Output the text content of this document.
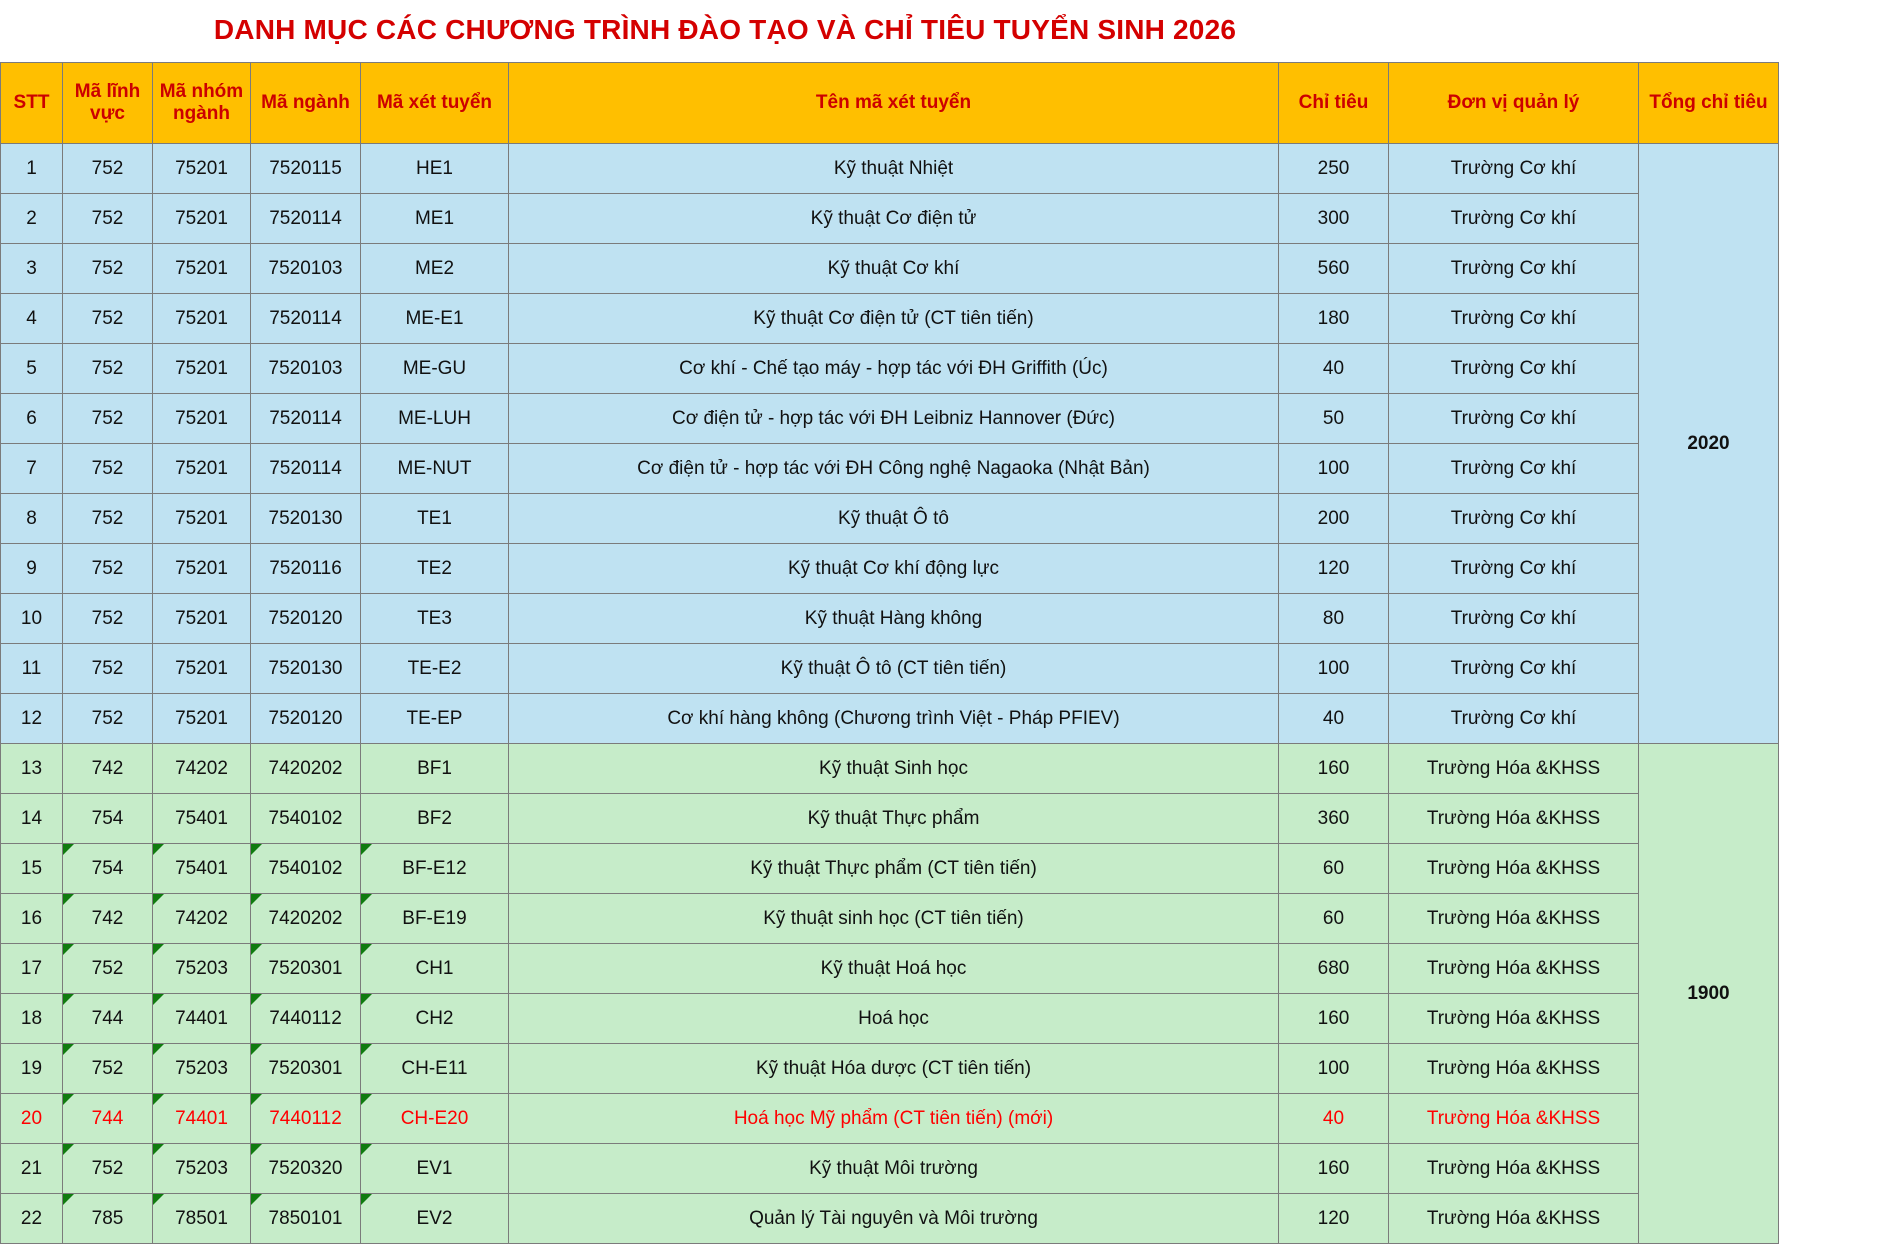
DANH MỤC CÁC CHƯƠNG TRÌNH ĐÀO TẠO VÀ CHỈ TIÊU TUYỂN SINH 2026
STT	Mã lĩnh vực	Mã nhóm ngành	Mã ngành	Mã xét tuyển	Tên mã xét tuyển	Chỉ tiêu	Đơn vị quản lý	Tổng chỉ tiêu
1	752	75201	7520115	HE1	Kỹ thuật Nhiệt	250	Trường Cơ khí	2020
2	752	75201	7520114	ME1	Kỹ thuật Cơ điện tử	300	Trường Cơ khí	
3	752	75201	7520103	ME2	Kỹ thuật Cơ khí	560	Trường Cơ khí	
4	752	75201	7520114	ME-E1	Kỹ thuật Cơ điện tử (CT tiên tiến)	180	Trường Cơ khí	
5	752	75201	7520103	ME-GU	Cơ khí - Chế tạo máy - hợp tác với ĐH Griffith (Úc)	40	Trường Cơ khí	
6	752	75201	7520114	ME-LUH	Cơ điện tử - hợp tác với ĐH Leibniz Hannover (Đức)	50	Trường Cơ khí	
7	752	75201	7520114	ME-NUT	Cơ điện tử - hợp tác với ĐH Công nghệ Nagaoka (Nhật Bản)	100	Trường Cơ khí	
8	752	75201	7520130	TE1	Kỹ thuật Ô tô	200	Trường Cơ khí	
9	752	75201	7520116	TE2	Kỹ thuật Cơ khí động lực	120	Trường Cơ khí	
10	752	75201	7520120	TE3	Kỹ thuật Hàng không	80	Trường Cơ khí	
11	752	75201	7520130	TE-E2	Kỹ thuật Ô tô (CT tiên tiến)	100	Trường Cơ khí	
12	752	75201	7520120	TE-EP	Cơ khí hàng không (Chương trình Việt - Pháp PFIEV)	40	Trường Cơ khí	
13	742	74202	7420202	BF1	Kỹ thuật Sinh học	160	Trường Hóa &KHSS	1900
14	754	75401	7540102	BF2	Kỹ thuật Thực phẩm	360	Trường Hóa &KHSS	
15	754	75401	7540102	BF-E12	Kỹ thuật Thực phẩm (CT tiên tiến)	60	Trường Hóa &KHSS	
16	742	74202	7420202	BF-E19	Kỹ thuật sinh học (CT tiên tiến)	60	Trường Hóa &KHSS	
17	752	75203	7520301	CH1	Kỹ thuật Hoá học	680	Trường Hóa &KHSS	
18	744	74401	7440112	CH2	Hoá học	160	Trường Hóa &KHSS	
19	752	75203	7520301	CH-E11	Kỹ thuật Hóa dược (CT tiên tiến)	100	Trường Hóa &KHSS	
20	744	74401	7440112	CH-E20	Hoá học Mỹ phẩm (CT tiên tiến) (mới)	40	Trường Hóa &KHSS	
21	752	75203	7520320	EV1	Kỹ thuật Môi trường	160	Trường Hóa &KHSS	
22	785	78501	7850101	EV2	Quản lý Tài nguyên và Môi trường	120	Trường Hóa &KHSS	
